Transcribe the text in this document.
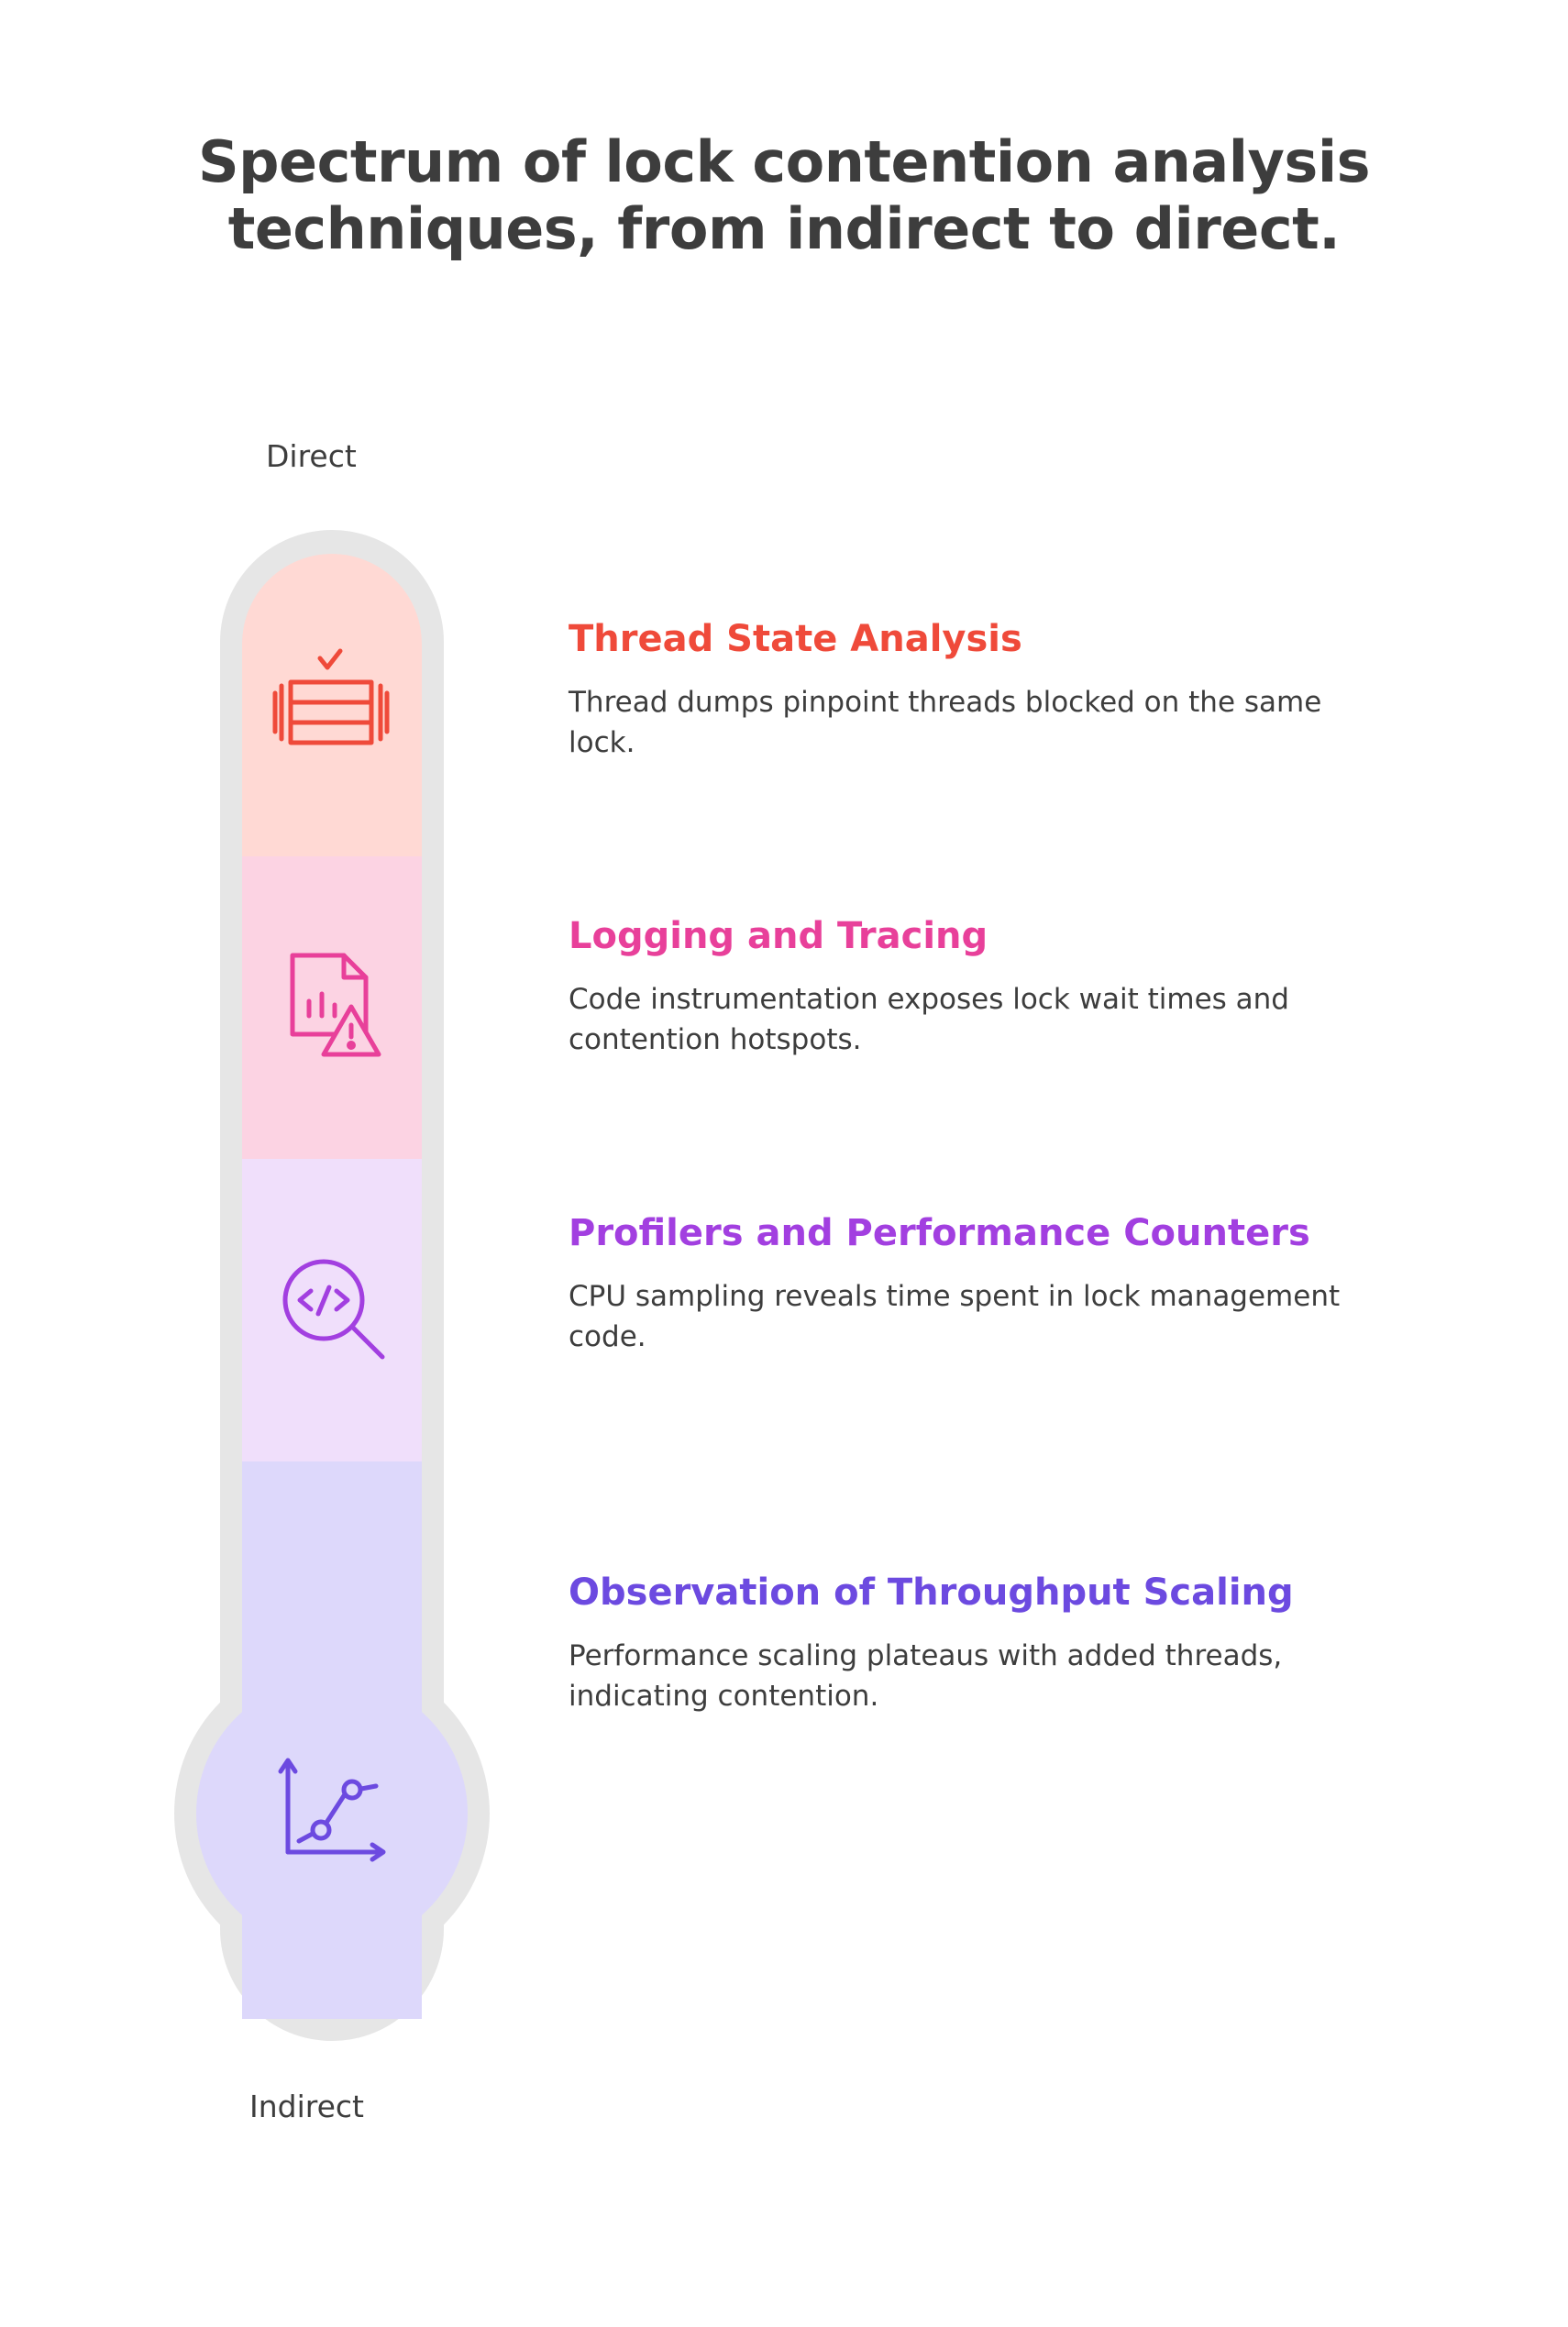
Spectrum of lock contention analysis
techniques, from indirect to direct.
Direct
Indirect
Thread State Analysis

Thread dumps pinpoint threads blocked on the same lock.

Logging and Tracing

Code instrumentation exposes lock wait times and contention hotspots.

Profilers and Performance Counters

CPU sampling reveals time spent in lock management code.

Observation of Throughput Scaling

Performance scaling plateaus with added threads, indicating contention.
